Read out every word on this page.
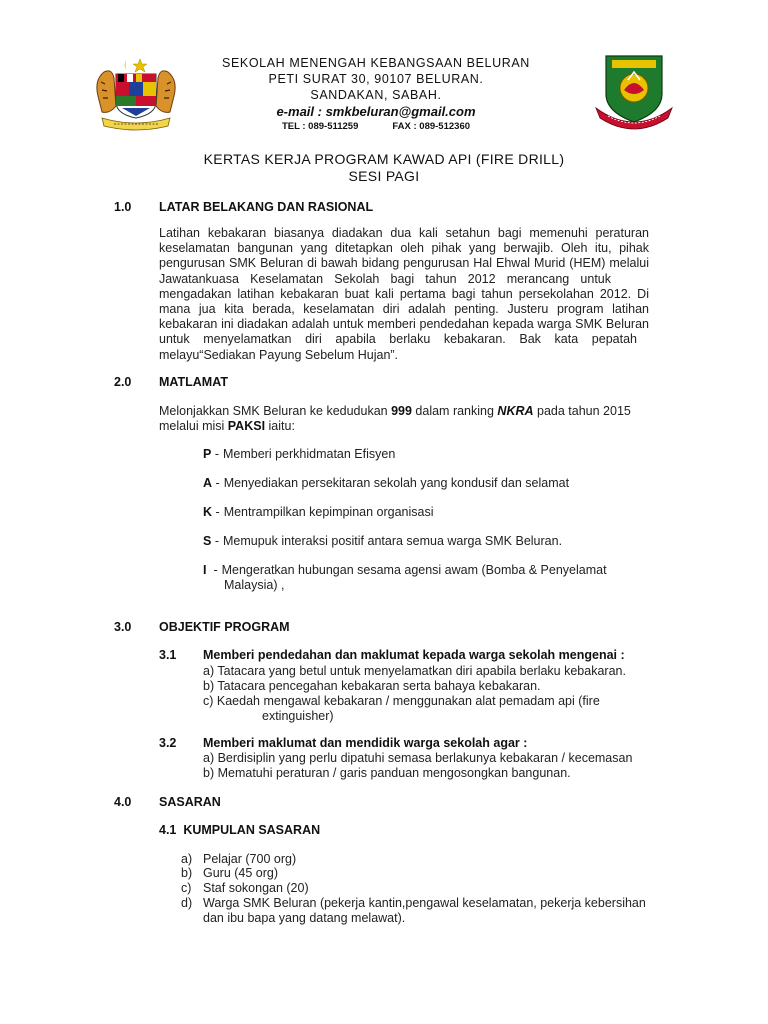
SEKOLAH MENENGAH KEBANGSAAN BELURAN

PETI SURAT 30, 90107 BELURAN.

SANDAKAN, SABAH.

e-mail : smkbeluran@gmail.com

TEL : 089-511259	FAX : 089-512360

KERTAS KERJA PROGRAM KAWAD API (FIRE DRILL)
SESI PAGI
1.0 LATAR BELAKANG DAN RASIONAL
Latihan kebakaran biasanya diadakan dua kali setahun bagi memenuhi peraturan
keselamatan bangunan yang ditetapkan oleh pihak yang berwajib. Oleh itu, pihak
pengurusan SMK Beluran di bawah bidang pengurusan Hal Ehwal Murid (HEM) melalui
Jawatankuasa Keselamatan Sekolah bagi tahun 2012 merancang untuk
mengadakan latihan kebakaran buat kali pertama bagi tahun persekolahan 2012. Di
mana jua kita berada, keselamatan diri adalah penting. Justeru program latihan
kebakaran ini diadakan adalah untuk memberi pendedahan kepada warga SMK Beluran
untuk menyelamatkan diri apabila berlaku kebakaran. Bak kata pepatah
melayu“Sediakan Payung Sebelum Hujan”.
2.0 MATLAMAT
Melonjakkan SMK Beluran ke kedudukan 999 dalam ranking NKRA pada tahun 2015
melalui misi PAKSI iaitu:
P - Memberi perkhidmatan Efisyen
A - Menyediakan persekitaran sekolah yang kondusif dan selamat
K - Mentrampilkan kepimpinan organisasi
S - Memupuk interaksi positif antara semua warga SMK Beluran.
I - Mengeratkan hubungan sesama agensi awam (Bomba & Penyelamat
Malaysia) ,
3.0 OBJEKTIF PROGRAM
3.1 Memberi pendedahan dan maklumat kepada warga sekolah mengenai :
a) Tatacara yang betul untuk menyelamatkan diri apabila berlaku kebakaran.
b) Tatacara pencegahan kebakaran serta bahaya kebakaran.
c) Kaedah mengawal kebakaran / menggunakan alat pemadam api (fire
extinguisher)
3.2 Memberi maklumat dan mendidik warga sekolah agar :
a) Berdisiplin yang perlu dipatuhi semasa berlakunya kebakaran / kecemasan
b) Mematuhi peraturan / garis panduan mengosongkan bangunan.
4.0 SASARAN
4.1  KUMPULAN SASARAN
a) Pelajar (700 org)
b) Guru (45 org)
c) Staf sokongan (20)
d) Warga SMK Beluran (pekerja kantin,pengawal keselamatan, pekerja kebersihan
dan ibu bapa yang datang melawat).
